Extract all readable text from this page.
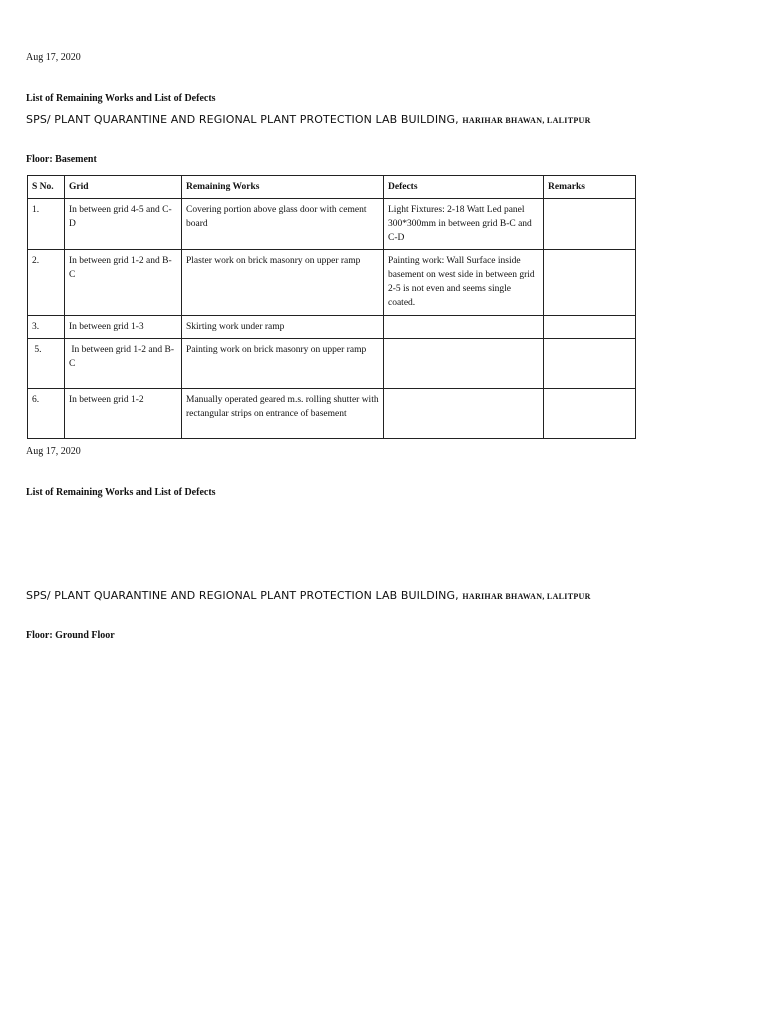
Aug 17, 2020
List of Remaining Works and List of Defects
SPS/ PLANT QUARANTINE AND REGIONAL PLANT PROTECTION LAB BUILDING, HARIHAR BHAWAN, LALITPUR
Floor: Basement
S No.	Grid	Remaining Works	Defects	Remarks
1.	In between grid 4-5 and C-D	Covering portion above glass door with cement board	Light Fixtures: 2-18 Watt Led panel 300*300mm in between grid B-C and C-D	
2.	In between grid 1-2 and B-C	Plaster work on brick masonry on upper ramp	Painting work: Wall Surface inside basement on west side in between grid 2-5 is not even and seems single coated.	
3.	In between grid 1-3	Skirting work under ramp		
5.	In between grid 1-2 and B-C	Painting work on brick masonry on upper ramp		
6.	In between grid 1-2	Manually operated geared m.s. rolling shutter with rectangular strips on entrance of basement		
Aug 17, 2020
List of Remaining Works and List of Defects
SPS/ PLANT QUARANTINE AND REGIONAL PLANT PROTECTION LAB BUILDING, HARIHAR BHAWAN, LALITPUR
Floor: Ground Floor
